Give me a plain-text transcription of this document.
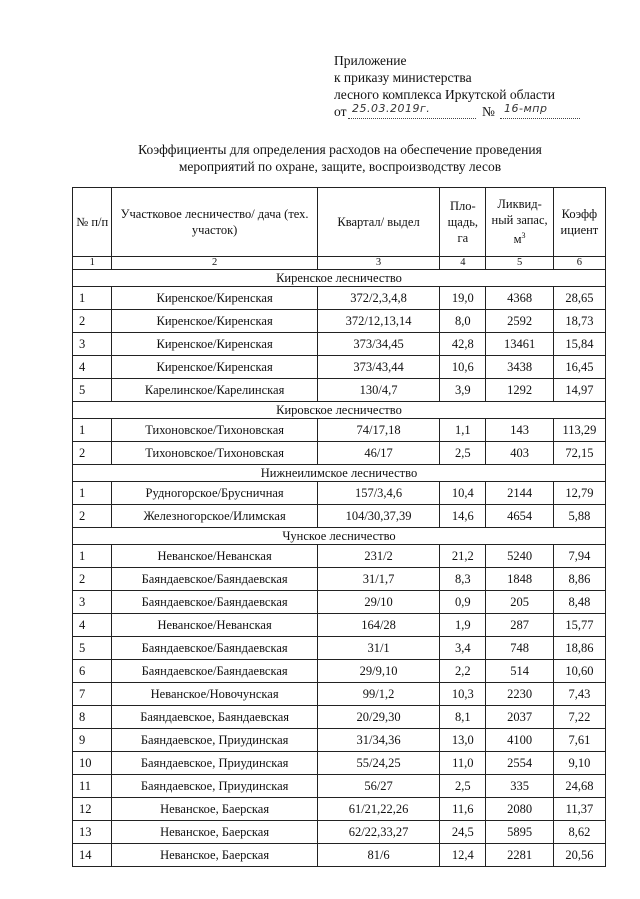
Приложение
к приказу министерства
лесного комплекса Иркутской области
от 25.03.2019г.	№ 16-мпр
Коэффициенты для определения расходов на обеспечение проведения
мероприятий по охране, защите, воспроизводству лесов
№ п/п	Участковое лесничество/ дача (тех. участок)	Квартал/ выдел	Пло- щадь, га	Ликвид- ный запас, $м^3$	Коэфф ициент
1	2	3	4	5	6
Киренское лесничество					
1	Киренское/Киренская	372/2,3,4,8	19,0	4368	28,65
2	Киренское/Киренская	372/12,13,14	8,0	2592	18,73
3	Киренское/Киренская	373/34,45	42,8	13461	15,84
4	Киренское/Киренская	373/43,44	10,6	3438	16,45
5	Карелинское/Карелинская	130/4,7	3,9	1292	14,97
Кировское лесничество					
1	Тихоновское/Тихоновская	74/17,18	1,1	143	113,29
2	Тихоновское/Тихоновская	46/17	2,5	403	72,15
Нижнеилимское лесничество					
1	Рудногорское/Брусничная	157/3,4,6	10,4	2144	12,79
2	Железногорское/Илимская	104/30,37,39	14,6	4654	5,88
Чунское лесничество					
1	Неванское/Неванская	231/2	21,2	5240	7,94
2	Баяндаевское/Баяндаевская	31/1,7	8,3	1848	8,86
3	Баяндаевское/Баяндаевская	29/10	0,9	205	8,48
4	Неванское/Неванская	164/28	1,9	287	15,77
5	Баяндаевское/Баяндаевская	31/1	3,4	748	18,86
6	Баяндаевское/Баяндаевская	29/9,10	2,2	514	10,60
7	Неванское/Новочунская	99/1,2	10,3	2230	7,43
8	Баяндаевское, Баяндаевская	20/29,30	8,1	2037	7,22
9	Баяндаевское, Приудинская	31/34,36	13,0	4100	7,61
10	Баяндаевское, Приудинская	55/24,25	11,0	2554	9,10
11	Баяндаевское, Приудинская	56/27	2,5	335	24,68
12	Неванское, Баерская	61/21,22,26	11,6	2080	11,37
13	Неванское, Баерская	62/22,33,27	24,5	5895	8,62
14	Неванское, Баерская	81/6	12,4	2281	20,56
